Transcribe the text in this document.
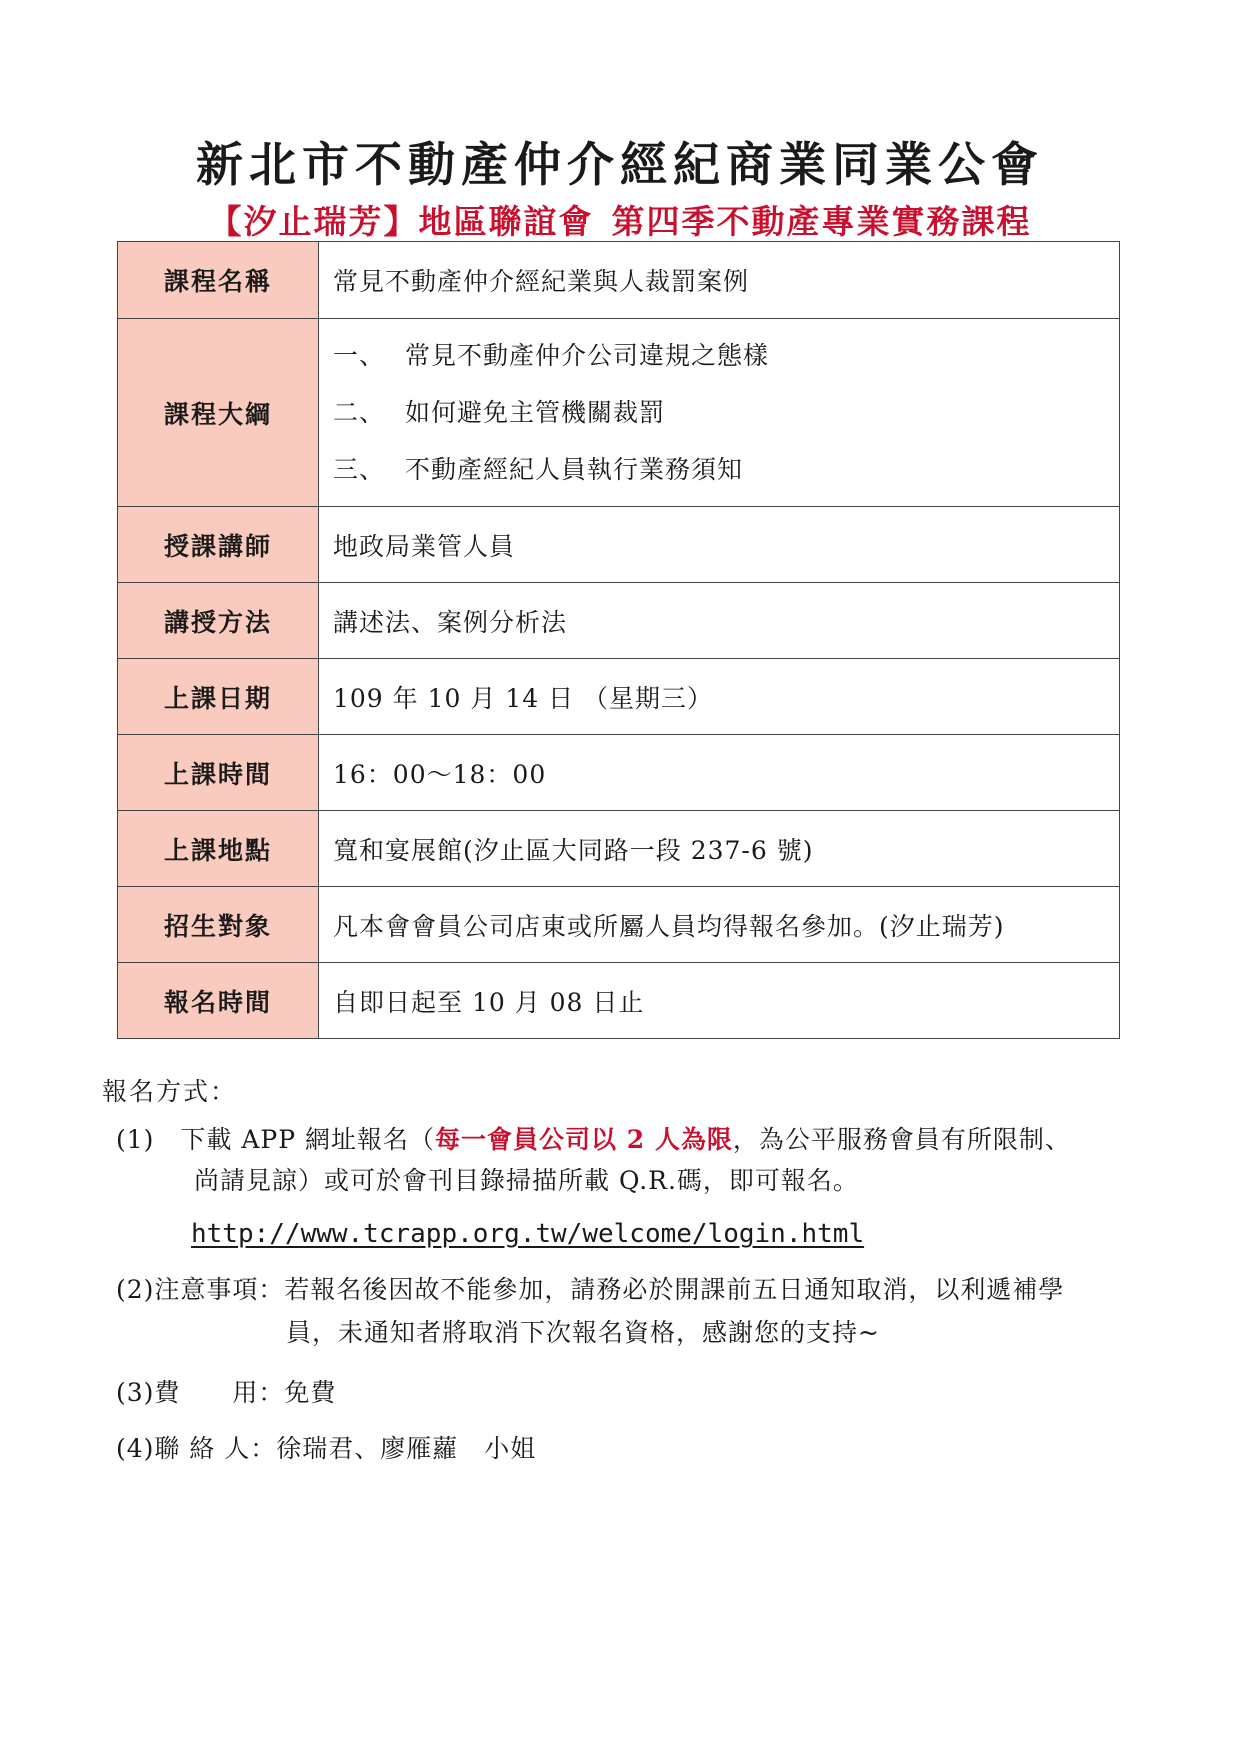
新北市不動產仲介經紀商業同業公會
【汐止瑞芳】地區聯誼會 第四季不動產專業實務課程
課程名稱	常見不動產仲介經紀業與人裁罰案例
課程大綱	一、 常見不動產仲介公司違規之態樣
二、 如何避免主管機關裁罰
三、 不動產經紀人員執行業務須知

授課講師	地政局業管人員
講授方法	講述法、案例分析法
上課日期	109 年 10 月 14 日 （星期三）
上課時間	16：00～18：00
上課地點	寬和宴展館(汐止區大同路一段 237-6 號)
招生對象	凡本會會員公司店東或所屬人員均得報名參加。(汐止瑞芳)
報名時間	自即日起至 10 月 08 日止

報名方式：

(1)　下載 APP 網址報名（每一會員公司以 2 人為限，為公平服務會員有所限制、

尚請見諒）或可於會刊目錄掃描所載 Q.R.碼，即可報名。

http://www.tcrapp.org.tw/welcome/login.html

(2)注意事項：若報名後因故不能參加，請務必於開課前五日通知取消，以利遞補學

員，未通知者將取消下次報名資格，感謝您的支持~

(3)費　　用：免費

(4)聯 絡 人：徐瑞君、廖雁蘿　小姐
